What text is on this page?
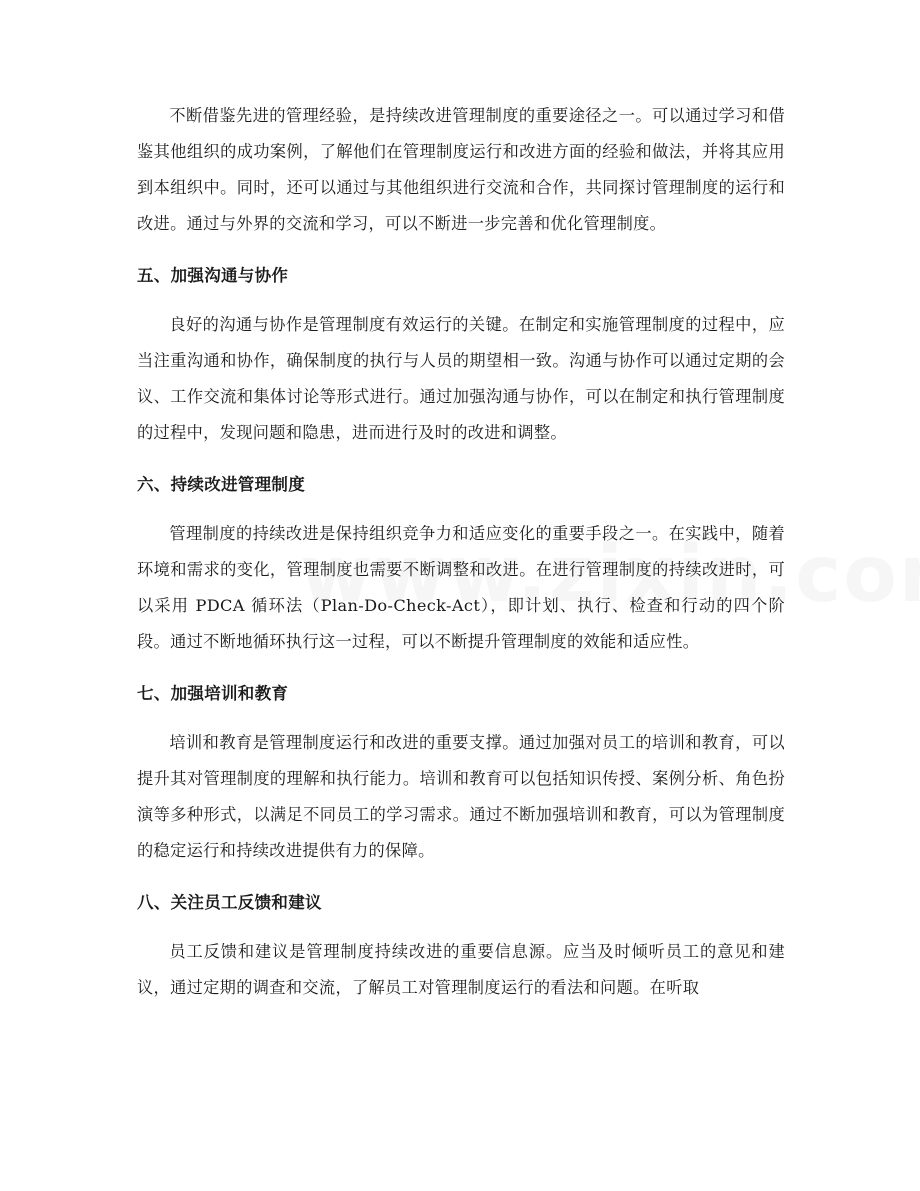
不断借鉴先进的管理经验，是持续改进管理制度的重要途径之一。可以通过学习和借鉴其他组织的成功案例，了解他们在管理制度运行和改进方面的经验和做法，并将其应用到本组织中。同时，还可以通过与其他组织进行交流和合作，共同探讨管理制度的运行和改进。通过与外界的交流和学习，可以不断进一步完善和优化管理制度。

五、加强沟通与协作

良好的沟通与协作是管理制度有效运行的关键。在制定和实施管理制度的过程中，应当注重沟通和协作，确保制度的执行与人员的期望相一致。沟通与协作可以通过定期的会议、工作交流和集体讨论等形式进行。通过加强沟通与协作，可以在制定和执行管理制度的过程中，发现问题和隐患，进而进行及时的改进和调整。

六、持续改进管理制度

管理制度的持续改进是保持组织竞争力和适应变化的重要手段之一。在实践中，随着环境和需求的变化，管理制度也需要不断调整和改进。在进行管理制度的持续改进时，可以采用 PDCA 循环法（Plan-Do-Check-Act），即计划、执行、检查和行动的四个阶段。通过不断地循环执行这一过程，可以不断提升管理制度的效能和适应性。

七、加强培训和教育

培训和教育是管理制度运行和改进的重要支撑。通过加强对员工的培训和教育，可以提升其对管理制度的理解和执行能力。培训和教育可以包括知识传授、案例分析、角色扮演等多种形式，以满足不同员工的学习需求。通过不断加强培训和教育，可以为管理制度的稳定运行和持续改进提供有力的保障。

八、关注员工反馈和建议

员工反馈和建议是管理制度持续改进的重要信息源。应当及时倾听员工的意见和建议，通过定期的调查和交流，了解员工对管理制度运行的看法和问题。在听取
